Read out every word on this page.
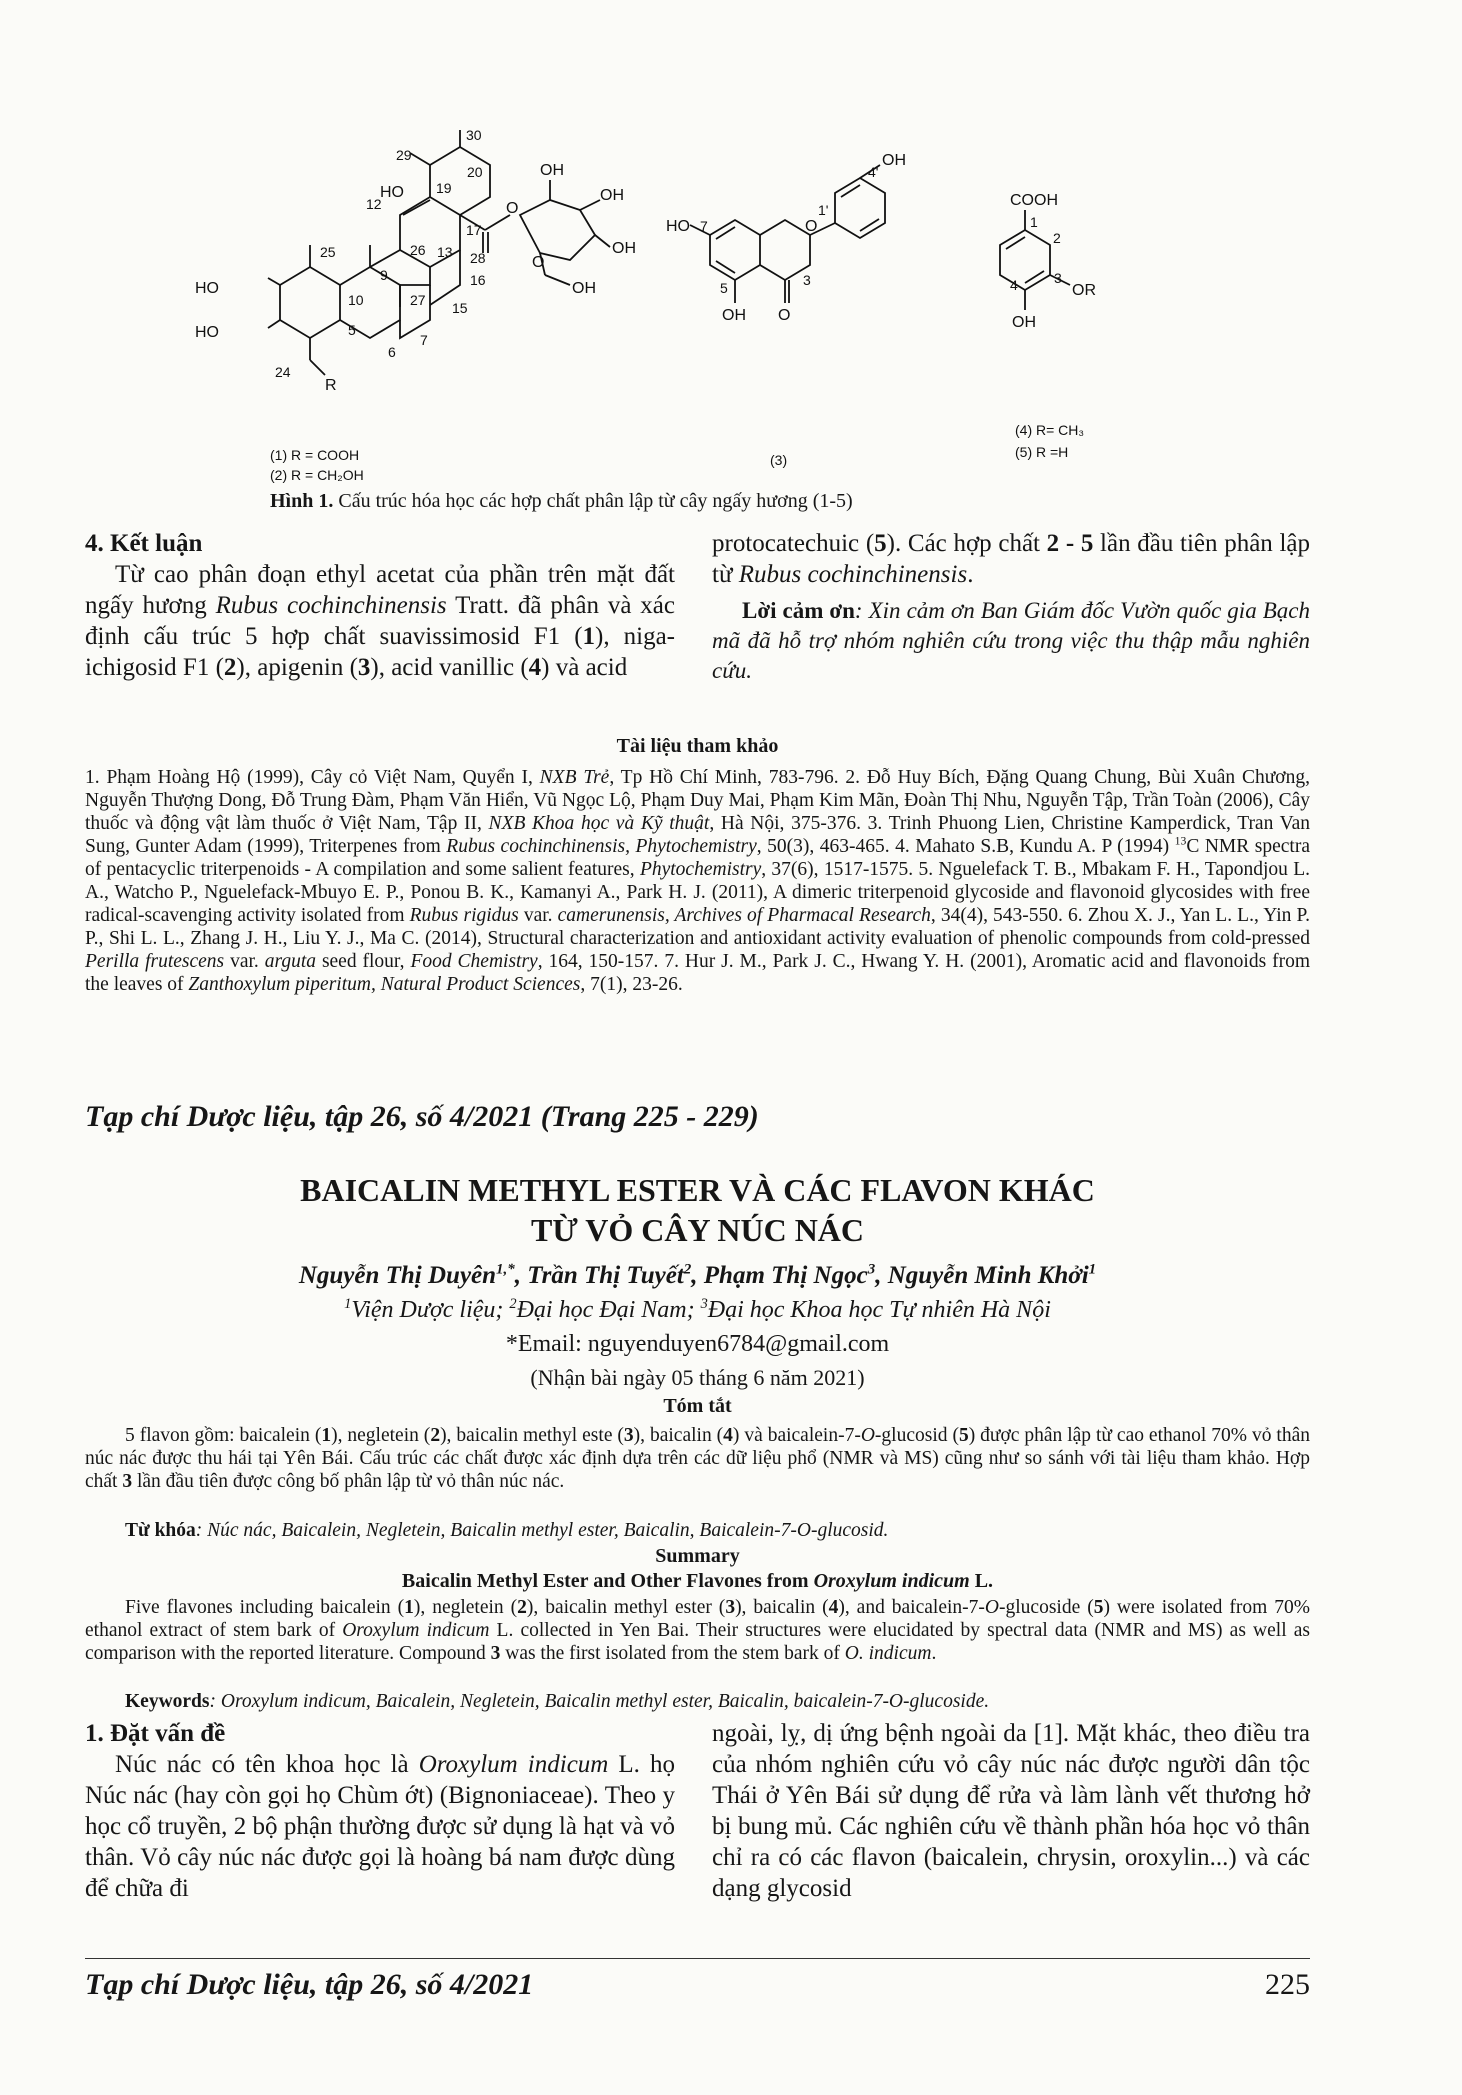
(1) R = COOH
(2) R = CH₂OH
(3)
(4) R= CH₃
(5) R =H
30
29
20
19
HO
12
17
25	26 13 28
9	16
10	27 15
5
7
6
HO
HO
24
R
O
O
OH
OH
OH
OH
HO 7	O
1'
4'
OH
5	3
OH O
COOH
1
2
3
OR
4
OH
Hình 1. Cấu trúc hóa học các hợp chất phân lập từ cây ngấy hương (1-5)
4. Kết luận
Từ cao phân đoạn ethyl acetat của phần trên mặt đất ngấy hương Rubus cochinchinensis Tratt. đã phân và xác định cấu trúc 5 hợp chất suavissimosid F1 (1), niga-ichigosid F1 (2), apigenin (3), acid vanillic (4) và acid
protocatechuic (5). Các hợp chất 2 - 5 lần đầu tiên phân lập từ Rubus cochinchinensis.
Lời cảm ơn: Xin cảm ơn Ban Giám đốc Vườn quốc gia Bạch mã đã hỗ trợ nhóm nghiên cứu trong việc thu thập mẫu nghiên cứu.
Tài liệu tham khảo
1. Phạm Hoàng Hộ (1999), Cây cỏ Việt Nam, Quyển I, NXB Trẻ, Tp Hồ Chí Minh, 783-796. 2. Đỗ Huy Bích, Đặng Quang Chung, Bùi Xuân Chương, Nguyễn Thượng Dong, Đỗ Trung Đàm, Phạm Văn Hiển, Vũ Ngọc Lộ, Phạm Duy Mai, Phạm Kim Mãn, Đoàn Thị Nhu, Nguyễn Tập, Trần Toàn (2006), Cây thuốc và động vật làm thuốc ở Việt Nam, Tập II, NXB Khoa học và Kỹ thuật, Hà Nội, 375-376. 3. Trinh Phuong Lien, Christine Kamperdick, Tran Van Sung, Gunter Adam (1999), Triterpenes from Rubus cochinchinensis, Phytochemistry, 50(3), 463-465. 4. Mahato S.B, Kundu A. P (1994) $^{13}$C NMR spectra of pentacyclic triterpenoids - A compilation and some salient features, Phytochemistry, 37(6), 1517-1575. 5. Nguelefack T. B., Mbakam F. H., Tapondjou L. A., Watcho P., Nguelefack-Mbuyo E. P., Ponou B. K., Kamanyi A., Park H. J. (2011), A dimeric triterpenoid glycoside and flavonoid glycosides with free radical-scavenging activity isolated from Rubus rigidus var. camerunensis, Archives of Pharmacal Research, 34(4), 543-550. 6. Zhou X. J., Yan L. L., Yin P. P., Shi L. L., Zhang J. H., Liu Y. J., Ma C. (2014), Structural characterization and antioxidant activity evaluation of phenolic compounds from cold-pressed Perilla frutescens var. arguta seed flour, Food Chemistry, 164, 150-157. 7. Hur J. M., Park J. C., Hwang Y. H. (2001), Aromatic acid and flavonoids from the leaves of Zanthoxylum piperitum, Natural Product Sciences, 7(1), 23-26.
Tạp chí Dược liệu, tập 26, số 4/2021 (Trang 225 - 229)
BAICALIN METHYL ESTER VÀ CÁC FLAVON KHÁC
TỪ VỎ CÂY NÚC NÁC
Nguyễn Thị Duyên$^{1,*}$, Trần Thị Tuyết$^2$, Phạm Thị Ngọc$^3$, Nguyễn Minh Khởi$^1$
$^1$Viện Dược liệu; $^2$Đại học Đại Nam; $^3$Đại học Khoa học Tự nhiên Hà Nội
*Email: nguyenduyen6784@gmail.com
(Nhận bài ngày 05 tháng 6 năm 2021)
Tóm tắt
5 flavon gồm: baicalein (1), negletein (2), baicalin methyl este (3), baicalin (4) và baicalein-7-O-glucosid (5) được phân lập từ cao ethanol 70% vỏ thân núc nác được thu hái tại Yên Bái. Cấu trúc các chất được xác định dựa trên các dữ liệu phổ (NMR và MS) cũng như so sánh với tài liệu tham khảo. Hợp chất 3 lần đầu tiên được công bố phân lập từ vỏ thân núc nác.
Từ khóa: Núc nác, Baicalein, Negletein, Baicalin methyl ester, Baicalin, Baicalein-7-O-glucosid.
Summary
Baicalin Methyl Ester and Other Flavones from Oroxylum indicum L.
Five flavones including baicalein (1), negletein (2), baicalin methyl ester (3), baicalin (4), and baicalein-7-O-glucoside (5) were isolated from 70% ethanol extract of stem bark of Oroxylum indicum L. collected in Yen Bai. Their structures were elucidated by spectral data (NMR and MS) as well as comparison with the reported literature. Compound 3 was the first isolated from the stem bark of O. indicum.
Keywords: Oroxylum indicum, Baicalein, Negletein, Baicalin methyl ester, Baicalin, baicalein-7-O-glucoside.
1. Đặt vấn đề
Núc nác có tên khoa học là Oroxylum indicum L. họ Núc nác (hay còn gọi họ Chùm ớt) (Bignoniaceae). Theo y học cổ truyền, 2 bộ phận thường được sử dụng là hạt và vỏ thân. Vỏ cây núc nác được gọi là hoàng bá nam được dùng để chữa đi
ngoài, lỵ, dị ứng bệnh ngoài da [1]. Mặt khác, theo điều tra của nhóm nghiên cứu vỏ cây núc nác được người dân tộc Thái ở Yên Bái sử dụng để rửa và làm lành vết thương hở bị bung mủ. Các nghiên cứu về thành phần hóa học vỏ thân chỉ ra có các flavon (baicalein, chrysin, oroxylin...) và các dạng glycosid
Tạp chí Dược liệu, tập 26, số 4/2021	225
